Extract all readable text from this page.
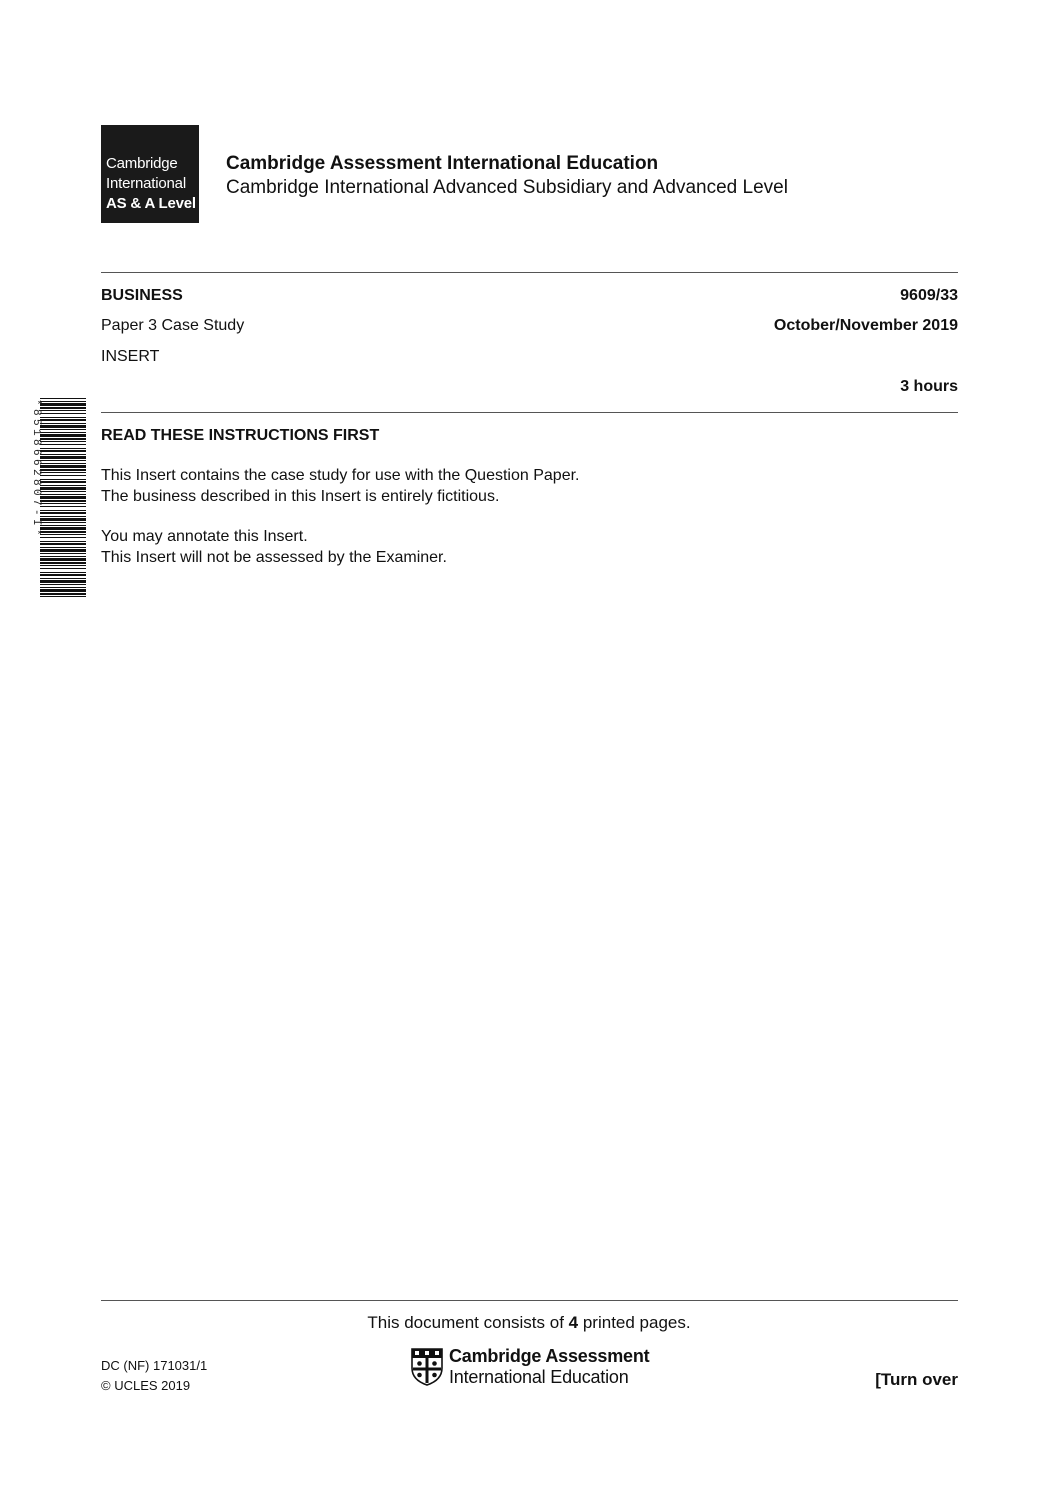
Cambridge
International
AS & A Level
Cambridge Assessment International Education
Cambridge International Advanced Subsidiary and Advanced Level
BUSINESS	9609/33
Paper 3 Case Study	October/November 2019
INSERT
3 hours
*8518662807-I*	READ THESE INSTRUCTIONS FIRST
This Insert contains the case study for use with the Question Paper.
The business described in this Insert is entirely fictitious.
You may annotate this Insert.
This Insert will not be assessed by the Examiner.
This document consists of 4 printed pages.
DC (NF) 171031/1
© UCLES 2019
Cambridge Assessment
International Education	[Turn over
